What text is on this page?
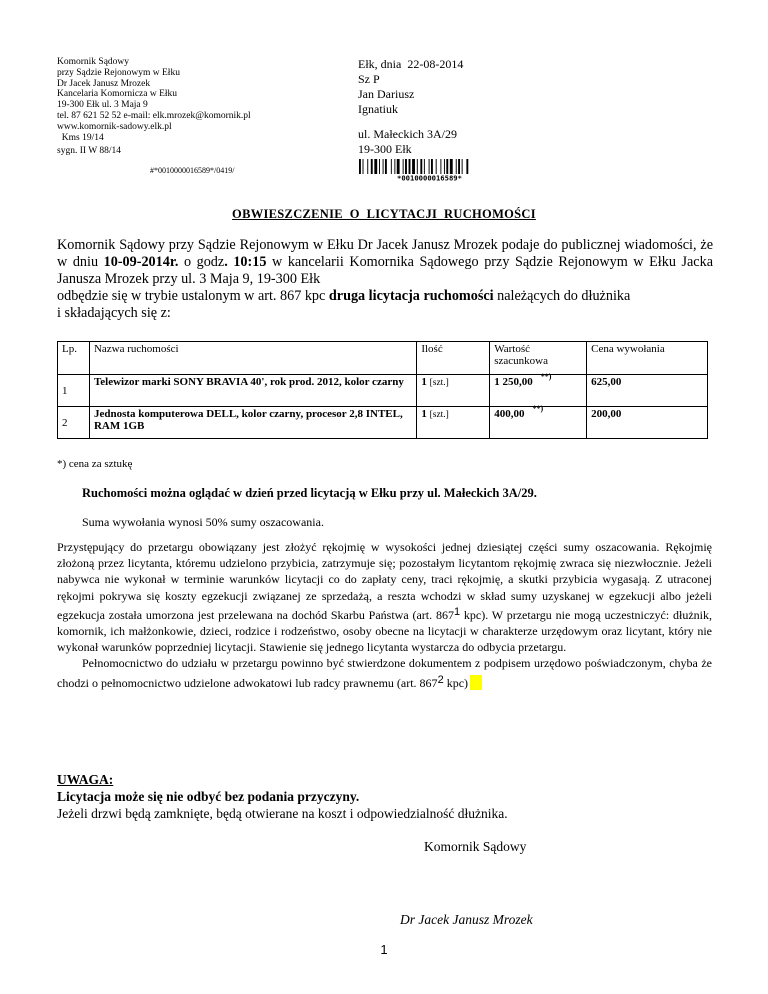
Komornik Sądowy
przy Sądzie Rejonowym w Ełku
Dr Jacek Janusz Mrozek
Kancelaria Komornicza w Ełku
19-300 Ełk ul. 3 Maja 9
tel. 87 621 52 52 e-mail: elk.mrozek@komornik.pl
www.komornik-sadowy.elk.pl
Kms 19/14
sygn. II W 88/14
Ełk, dnia  22-08-2014
Sz P
Jan Dariusz
Ignatiuk
ul. Małeckich 3A/29
19-300 Ełk
#*0010000016589*/0419/
*0010000016589*
OBWIESZCZENIE  O  LICYTACJI  RUCHOMOŚCI

Komornik Sądowy przy Sądzie Rejonowym w Ełku Dr Jacek Janusz Mrozek podaje do publicznej wiadomości, że w dniu 10-09-2014r. o godz. 10:15 w kancelarii Komornika Sądowego przy Sądzie Rejonowym w Ełku Jacka Janusza Mrozek przy ul. 3 Maja 9, 19-300 Ełk

odbędzie się w trybie ustalonym w art. 867 kpc druga licytacja ruchomości należących do dłużnika

i składających się z:

Lp.	Nazwa ruchomości	Ilość	Wartość szacunkowa	Cena wywołania
1	Telewizor marki SONY BRAVIA 40', rok prod. 2012, kolor czarny	1 [szt.]	1 250,00 **)	625,00
2	Jednosta komputerowa DELL, kolor czarny, procesor 2,8 INTEL, RAM 1GB	1 [szt.]	400,00 **)	200,00
*) cena za sztukę
Ruchomości można oglądać w dzień przed licytacją w Ełku przy ul. Małeckich 3A/29.
Suma wywołania wynosi 50% sumy oszacowania.

Przystępujący do przetargu obowiązany jest złożyć rękojmię w wysokości jednej dziesiątej części sumy oszacowania. Rękojmię złożoną przez licytanta, któremu udzielono przybicia, zatrzymuje się; pozostałym licytantom rękojmię zwraca się niezwłocznie. Jeżeli nabywca nie wykonał w terminie warunków licytacji co do zapłaty ceny, traci rękojmię, a skutki przybicia wygasają. Z utraconej rękojmi pokrywa się koszty egzekucji związanej ze sprzedażą, a reszta wchodzi w skład sumy uzyskanej w egzekucji albo jeżeli egzekucja została umorzona jest przelewana na dochód Skarbu Państwa (art. 8671 kpc). W przetargu nie mogą uczestniczyć: dłużnik, komornik, ich małżonkowie, dzieci, rodzice i rodzeństwo, osoby obecne na licytacji w charakterze urzędowym oraz licytant, który nie wykonał warunków poprzedniej licytacji. Stawienie się jednego licytanta wystarcza do odbycia przetargu.

Pełnomocnictwo do udziału w przetargu powinno być stwierdzone dokumentem z podpisem urzędowo poświadczonym, chyba że chodzi o pełnomocnictwo udzielone adwokatowi lub radcy prawnemu (art. 8672 kpc)

UWAGA:
Licytacja może się nie odbyć bez podania przyczyny.
Jeżeli drzwi będą zamknięte, będą otwierane na koszt i odpowiedzialność dłużnika.
Komornik Sądowy
Dr Jacek Janusz Mrozek
1
